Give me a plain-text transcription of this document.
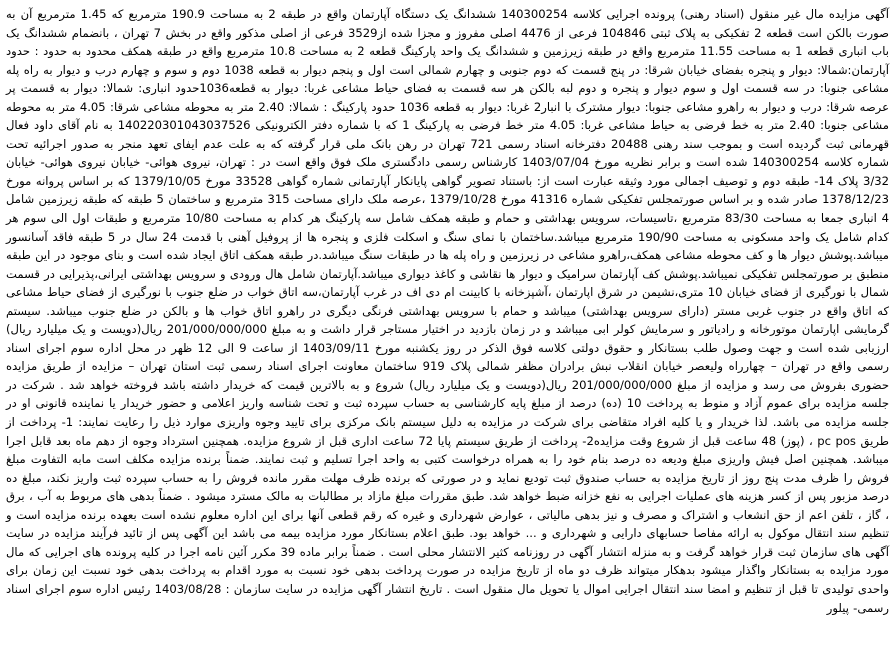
آگهی مزایده مال غیر منقول (اسناد رهنی) پرونده اجرایی کلاسه 140300254 ششدانگ یک دستگاه آپارتمان واقع در طبقه 2 به مساحت 190.9 مترمربع که 1.45 مترمربع آن به صورت بالکن است قطعه 2 تفکیکی به پلاک ثبتی 104846 فرعی از 4476 اصلی مفروز و مجزا شده از3529 فرعی از اصلی مذکور واقع در بخش 7 تهران ، بانضمام ششدانگ یک باب انباری قطعه 1 به مساحت 11.55 مترمربع واقع در طبقه زیرزمین و ششدانگ یک واحد پارکینگ قطعه 2 به مساحت 10.8 مترمربع واقع در طبقه همکف محدود به حدود : حدود آپارتمان:شمالا: دیوار و پنجره بفضای خیابان شرقا: در پنج قسمت که دوم جنوبی و چهارم شمالی است اول و پنجم دیوار به قطعه 1038 دوم و سوم و چهارم درب و دیوار به راه پله مشاعی جنوبا: در سه قسمت اول و سوم دیوار و پنجره و دوم لبه بالکن هر سه قسمت به فضای حیاط مشاعی غربا: دیوار به قطعه1036حدود انباری: شمالا: دیوار به قسمت پر عرصه شرقا: درب و دیوار به راهرو مشاعی جنوبا: دیوار مشترک با انبار2 غربا: دیوار به قطعه 1036 حدود پارکینگ : شمالا: 2.40 متر به محوطه مشاعی شرقا: 4.05 متر به محوطه مشاعی جنوبا: 2.40 متر به خط فرضی به حیاط مشاعی غربا: 4.05 متر خط فرضی به پارکینگ 1 که با شماره دفتر الکترونیکی 140220301043037526 به نام آقای داود فعال قهرمانی ثبت گردیده است و بموجب سند رهنی 20488 دفترخانه اسناد رسمی 721 تهران در رهن بانک ملی قرار گرفته که به علت عدم ایفای تعهد منجر به صدور اجرائیه تحت شماره کلاسه 140300254 شده است و برابر نظریه مورخ 1403/07/04 کارشناس رسمی دادگستری ملک فوق واقع است در : تهران، نیروی هوائی- خیابان نیروی هوائی- خیابان 3/32 پلاک 14- طبقه دوم و توصیف اجمالی مورد وثیقه عبارت است از: باستناد تصویر گواهی پایانکار آپارتمانی شماره گواهی 33528 مورخ 1379/10/05 که بر اساس پروانه مورخ 1378/12/23 صادر شده و بر اساس صورتمجلس تفکیکی شماره 41316 مورخ 1379/10/28 ،عرصه ملک دارای مساحت 315 مترمربع و ساختمان 5 طبقه که طبقه زیرزمین شامل 4 انباری جمعا به مساحت 83/30 مترمربع ،تاسیسات، سرویس بهداشتی و حمام و طبقه همکف شامل سه پارکینگ هر کدام به مساحت 10/80 مترمربع و طبقات اول الی سوم هر کدام شامل یک واحد مسکونی به مساحت 190/90 مترمربع میباشد.ساختمان با نمای سنگ و اسکلت فلزی و پنجره ها از پروفیل آهنی با قدمت 24 سال در 5 طبقه فاقد آسانسور میباشد.پوشش دیوار ها و کف محوطه مشاعی همکف،راهرو مشاعی در زیرزمین و راه پله ها در طبقات سنگ میباشد.در طبقه همکف اتاق ایجاد شده است و بنای موجود در این طبقه منطبق بر صورتمجلس تفکیکی نمیباشد.پوشش کف آپارتمان سرامیک و دیوار ها نقاشی و کاغذ دیواری میباشد.آپارتمان شامل هال ورودی و سرویس بهداشتی ایرانی،پذیرایی در قسمت شمال با نورگیری از فضای خیابان 10 متری،نشیمن در شرق اپارتمان ،آشپزخانه با کابینت ام دی اف در غرب آپارتمان،سه اتاق خواب در ضلع جنوب با نورگیری از فضای حیاط مشاعی که اتاق واقع در جنوب غربی مستر (دارای سرویس بهداشتی) میباشد و حمام با سرویس بهداشتی فرنگی دیگری در راهرو اتاق خواب ها و بالکن در ضلع جنوب میباشد. سیستم گرمایشی اپارتمان موتورخانه و رادیاتور و سرمایش کولر ابی میباشد و در زمان بازدید در اختیار مستاجر قرار داشت و به مبلغ 201/000/000/000 ریال(دویست و یک میلیارد ریال) ارزیابی شده است و جهت وصول طلب بستانکار و حقوق دولتی کلاسه فوق الذکر در روز یکشنبه مورخ 1403/09/11 از ساعت 9 الی 12 ظهر در محل اداره سوم اجرای اسناد رسمی واقع در تهران – چهارراه ولیعصر خیابان انقلاب نبش برادران مظفر شمالی پلاک 919 ساختمان معاونت اجرای اسناد رسمی ثبت استان تهران – مزایده از طریق مزایده حضوری بفروش می رسد و مزایده از مبلغ 201/000/000/000 ریال(دویست و یک میلیارد ریال) شروع و به بالاترین قیمت که خریدار داشته باشد فروخته خواهد شد . شرکت در جلسه مزایده برای عموم آزاد و منوط به پرداخت 10 (ده) درصد از مبلغ پایه کارشناسی به حساب سپرده ثبت و تحت شناسه واریز اعلامی و حضور خریدار یا نماینده قانونی او در جلسه مزایده می باشد. لذا خریدار و یا کلیه افراد متقاضی برای شرکت در مزایده به دلیل سیستم بانک مرکزی برای تایید وجوه واریزی موارد ذیل را رعایت نمایند: 1- پرداخت از طریق pc pos ، (پوز) 48 ساعت قبل از شروع وقت مزایده2- پرداخت از طریق سیستم پایا 72 ساعت اداری قبل از شروع مزایده. همچنین استرداد وجوه از دهم ماه بعد قابل اجرا میباشد. همچنین اصل فیش واریزی مبلغ ودیعه ده درصد بنام خود را به همراه درخواست کتبی به واحد اجرا تسلیم و ثبت نمایند. ضمناً برنده مزایده مکلف است مابه التفاوت مبلغ فروش را ظرف مدت پنج روز از تاریخ مزایده به حساب صندوق ثبت تودیع نماید و در صورتی که برنده ظرف مهلت مقرر مانده فروش را به حساب سپرده ثبت واریز نکند، مبلغ ده درصد مزبور پس از کسر هزینه های عملیات اجرایی به نفع خزانه ضبط خواهد شد. طبق مقررات مبلغ مازاد بر مطالبات به مالک مسترد میشود . ضمناً بدهی های مربوط به آب ، برق ، گاز ، تلفن اعم از حق انشعاب و اشتراک و مصرف و نیز بدهی مالیاتی ، عوارض شهرداری و غیره که رقم قطعی آنها برای این اداره معلوم نشده است بعهده برنده مزایده است و تنظیم سند انتقال موکول به ارائه مفاصا حسابهای دارایی و شهرداری و ... خواهد بود. طبق اعلام بستانکار مورد مزایده بیمه می باشد این آگهی پس از تائید فرآیند مزایده در سایت آگهی های سازمان ثبت قرار خواهد گرفت و به منزله انتشار آگهی در روزنامه کثیر الانتشار محلی است . ضمناً برابر ماده 39 مکرر آئین نامه اجرا در کلیه پرونده های اجرایی که مال مورد مزایده به بستانکار واگذار میشود بدهکار میتواند ظرف دو ماه از تاریخ مزایده در صورت پرداخت بدهی خود نسبت به مورد اقدام به پرداخت بدهی خود نسبت این زمان برای واحدی تولیدی تا قبل از تنظیم و امضا سند انتقال اجرایی اموال یا تحویل مال منقول است . تاریخ انتشار آگهی مزایده در سایت سازمان : 1403/08/28 رئیس اداره سوم اجرای اسناد رسمی- پیلور
